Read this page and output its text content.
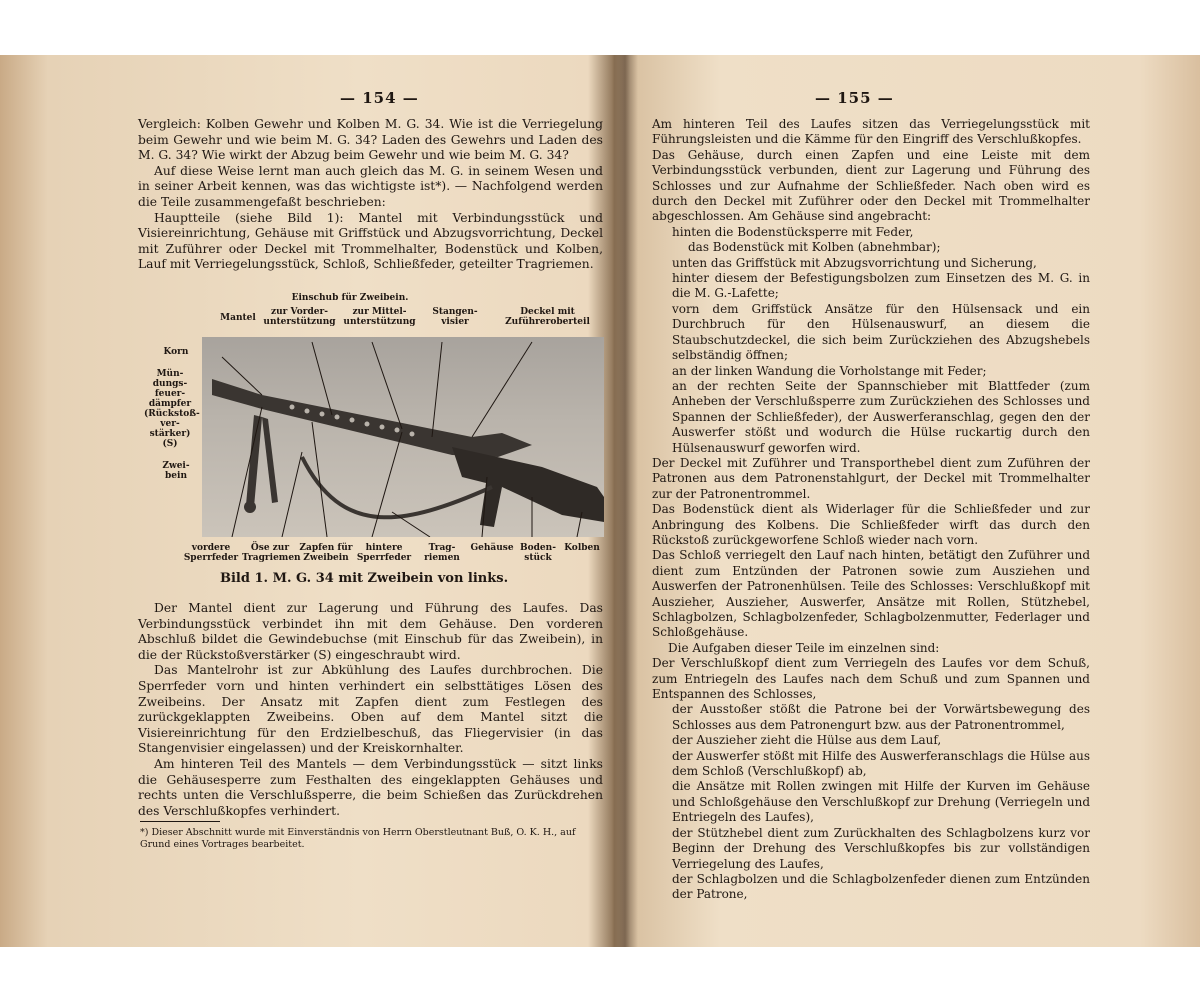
— 154 —

Vergleich: Kolben Gewehr und Kolben M. G. 34. Wie ist die Verriegelung beim Gewehr und wie beim M. G. 34? Laden des Gewehrs und Laden des M. G. 34? Wie wirkt der Abzug beim Gewehr und wie beim M. G. 34?

Auf diese Weise lernt man auch gleich das M. G. in seinem Wesen und in seiner Arbeit kennen, was das wichtigste ist*). — Nachfolgend werden die Teile zusammengefaßt beschrieben:

Hauptteile (siehe Bild 1): Mantel mit Verbindungsstück und Visiereinrichtung, Gehäuse mit Griffstück und Abzugsvorrichtung, Deckel mit Zuführer oder Deckel mit Trommelhalter, Bodenstück und Kolben, Lauf mit Verriegelungsstück, Schloß, Schließfeder, geteilter Tragriemen.

Mantel
Einschub für Zweibein.
zur Vorder-unterstützung
zur Mittel-unterstützung
Stangen-visier
Deckel mit Zuführeroberteil
Korn
Mün-dungs-feuer-dämpfer (Rückstoß-ver-stärker) (S)
Zwei-bein
vordere Sperrfeder
Öse zur Tragriemen
Zapfen für Zweibein
hintere Sperrfeder
Trag-riemen
Gehäuse Boden-stück
Kolben
Bild 1. M. G. 34 mit Zweibein von links.

Der Mantel dient zur Lagerung und Führung des Laufes. Das Verbindungsstück verbindet ihn mit dem Gehäuse. Den vorderen Abschluß bildet die Gewindebuchse (mit Einschub für das Zweibein), in die der Rückstoßverstärker (S) eingeschraubt wird.

Das Mantelrohr ist zur Abkühlung des Laufes durchbrochen. Die Sperrfeder vorn und hinten verhindert ein selbsttätiges Lösen des Zweibeins. Der Ansatz mit Zapfen dient zum Festlegen des zurückgeklappten Zweibeins. Oben auf dem Mantel sitzt die Visiereinrichtung für den Erdzielbeschuß, das Fliegervisier (in das Stangenvisier eingelassen) und der Kreiskornhalter.

Am hinteren Teil des Mantels — dem Verbindungsstück — sitzt links die Gehäusesperre zum Festhalten des eingeklappten Gehäuses und rechts unten die Verschlußsperre, die beim Schießen das Zurückdrehen des Verschlußkopfes verhindert.

*) Dieser Abschnitt wurde mit Einverständnis von Herrn Oberstleutnant Buß, O. K. H., auf Grund eines Vortrages bearbeitet.
— 155 —

Am hinteren Teil des Laufes sitzen das Verriegelungsstück mit Führungsleisten und die Kämme für den Eingriff des Verschlußkopfes.

Das Gehäuse, durch einen Zapfen und eine Leiste mit dem Verbindungsstück verbunden, dient zur Lagerung und Führung des Schlosses und zur Aufnahme der Schließfeder. Nach oben wird es durch den Deckel mit Zuführer oder den Deckel mit Trommelhalter abgeschlossen. Am Gehäuse sind angebracht:

hinten die Bodenstücksperre mit Feder,

das Bodenstück mit Kolben (abnehmbar);

unten das Griffstück mit Abzugsvorrichtung und Sicherung,

hinter diesem der Befestigungsbolzen zum Einsetzen des M. G. in die M. G.-Lafette;

vorn dem Griffstück Ansätze für den Hülsensack und ein Durchbruch für den Hülsenauswurf, an diesem die Staubschutzdeckel, die sich beim Zurückziehen des Abzugshebels selbständig öffnen;

an der linken Wandung die Vorholstange mit Feder;

an der rechten Seite der Spannschieber mit Blattfeder (zum Anheben der Verschlußsperre zum Zurückziehen des Schlosses und Spannen der Schließfeder), der Auswerferanschlag, gegen den der Auswerfer stößt und wodurch die Hülse ruckartig durch den Hülsenauswurf geworfen wird.

Der Deckel mit Zuführer und Transporthebel dient zum Zuführen der Patronen aus dem Patronenstahlgurt, der Deckel mit Trommelhalter zur der Patronentrommel.

Das Bodenstück dient als Widerlager für die Schließfeder und zur Anbringung des Kolbens. Die Schließfeder wirft das durch den Rückstoß zurückgeworfene Schloß wieder nach vorn.

Das Schloß verriegelt den Lauf nach hinten, betätigt den Zuführer und dient zum Entzünden der Patronen sowie zum Ausziehen und Auswerfen der Patronenhülsen. Teile des Schlosses: Verschlußkopf mit Auszieher, Auszieher, Auswerfer, Ansätze mit Rollen, Stützhebel, Schlagbolzen, Schlagbolzenfeder, Schlagbolzenmutter, Federlager und Schloßgehäuse.

Die Aufgaben dieser Teile im einzelnen sind:

Der Verschlußkopf dient zum Verriegeln des Laufes vor dem Schuß, zum Entriegeln des Laufes nach dem Schuß und zum Spannen und Entspannen des Schlosses,

der Ausstoßer stößt die Patrone bei der Vorwärtsbewegung des Schlosses aus dem Patronengurt bzw. aus der Patronentrommel,

der Auszieher zieht die Hülse aus dem Lauf,

der Auswerfer stößt mit Hilfe des Auswerferanschlags die Hülse aus dem Schloß (Verschlußkopf) ab,

die Ansätze mit Rollen zwingen mit Hilfe der Kurven im Gehäuse und Schloßgehäuse den Verschlußkopf zur Drehung (Verriegeln und Entriegeln des Laufes),

der Stützhebel dient zum Zurückhalten des Schlagbolzens kurz vor Beginn der Drehung des Verschlußkopfes bis zur vollständigen Verriegelung des Laufes,

der Schlagbolzen und die Schlagbolzenfeder dienen zum Entzünden der Patrone,
